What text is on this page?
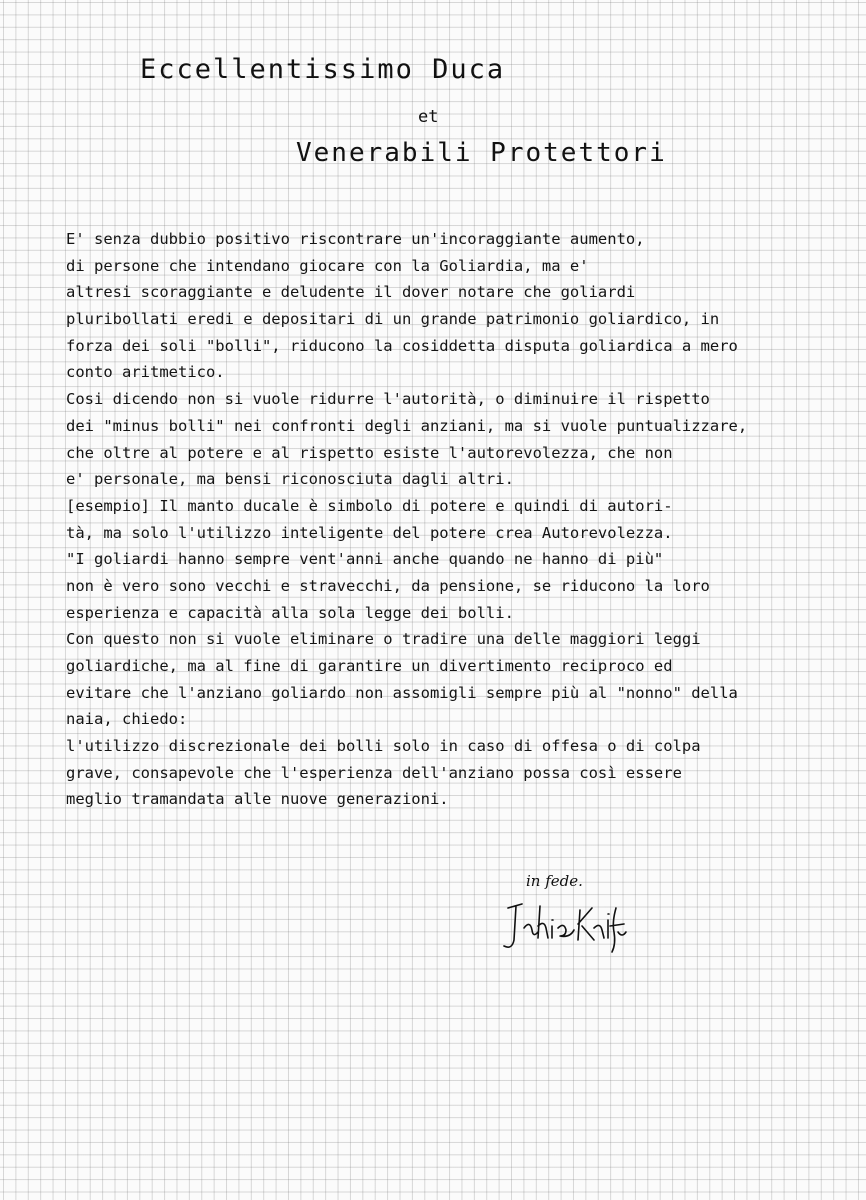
Eccellentissimo Duca
et
Venerabili Protettori
E' senza dubbio positivo riscontrare un'incoraggiante aumento,
di persone che intendano giocare con la Goliardia, ma e'
altresi scoraggiante e deludente il dover notare che goliardi
pluribollati eredi e depositari di un grande patrimonio goliardico, in
forza dei soli "bolli", riducono la cosiddetta disputa goliardica a mero
conto aritmetico.
Cosi dicendo non si vuole ridurre l'autorità, o diminuire il rispetto
dei "minus bolli" nei confronti degli anziani, ma si vuole puntualizzare,
che oltre al potere e al rispetto esiste l'autorevolezza, che non
e' personale, ma bensi riconosciuta dagli altri.
[esempio] Il manto ducale è simbolo di potere e quindi di autori-
tà, ma solo l'utilizzo inteligente del potere crea Autorevolezza.
"I goliardi hanno sempre vent'anni anche quando ne hanno di più"
non è vero sono vecchi e stravecchi, da pensione, se riducono la loro
esperienza e capacità alla sola legge dei bolli.
Con questo non si vuole eliminare o tradire una delle maggiori leggi
goliardiche, ma al fine di garantire un divertimento reciproco ed
evitare che l'anziano goliardo non assomigli sempre più al "nonno" della
naia, chiedo:
l'utilizzo discrezionale dei bolli solo in caso di offesa o di colpa
grave, consapevole che l'esperienza dell'anziano possa così essere
meglio tramandata alle nuove generazioni.
in fede.
